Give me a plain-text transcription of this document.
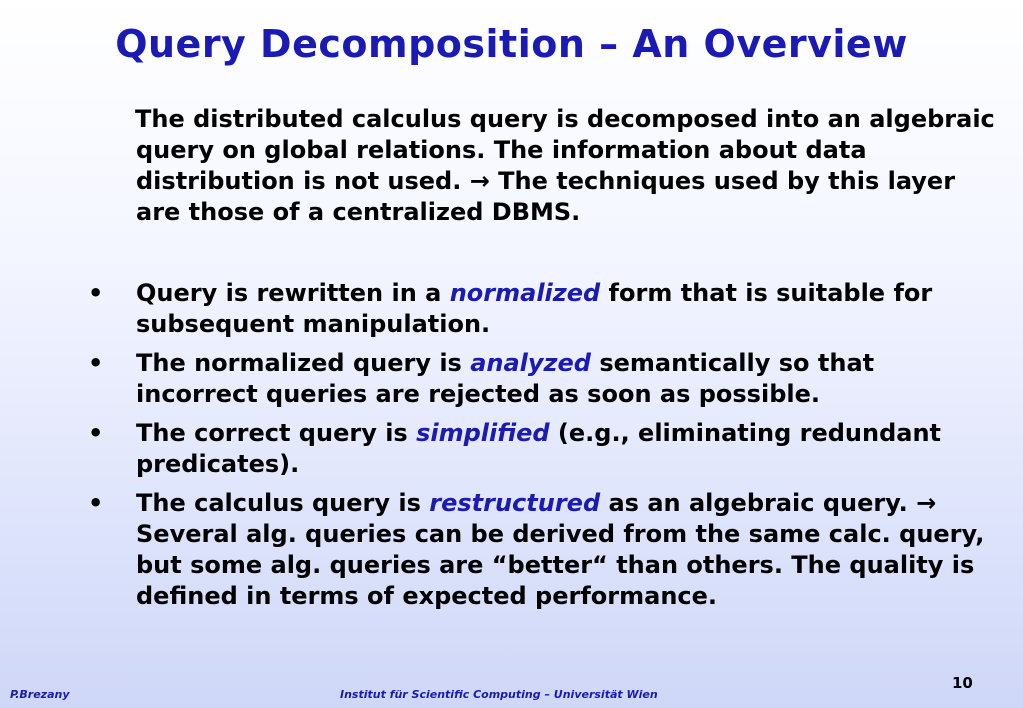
Query Decomposition – An Overview
The distributed calculus query is decomposed into an algebraic query on global relations. The information about data distribution is not used. → The techniques used by this layer are those of a centralized DBMS.
• Query is rewritten in a normalized form that is suitable for subsequent manipulation.
• The normalized query is analyzed semantically so that incorrect queries are rejected as soon as possible.
• The correct query is simplified (e.g., eliminating redundant predicates).
• The calculus query is restructured as an algebraic query. → Several alg. queries can be derived from the same calc. query, but some alg. queries are “better“ than others. The quality is defined in terms of expected performance.
P.Brezany	Institut für Scientific Computing – Universität Wien
10
